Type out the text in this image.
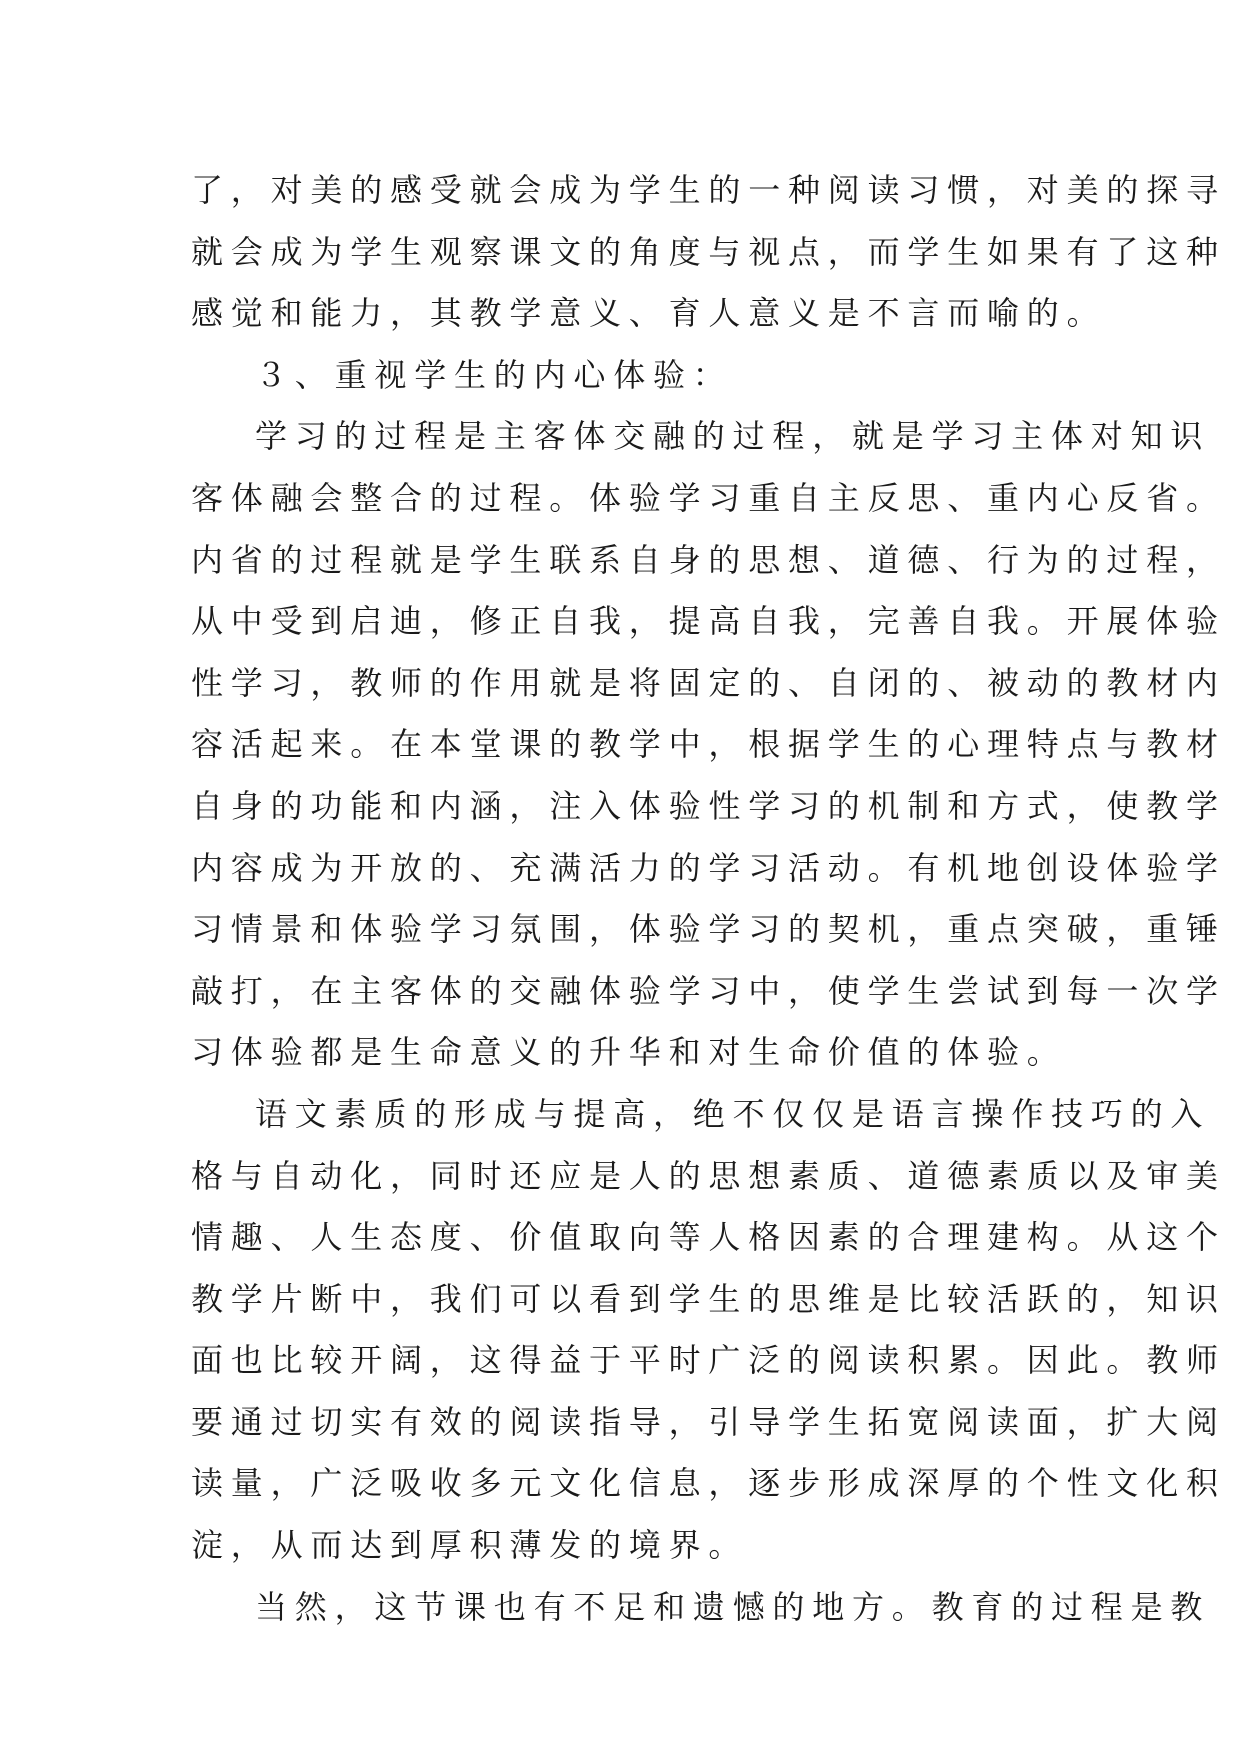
了，对美的感受就会成为学生的一种阅读习惯，对美的探寻
就会成为学生观察课文的角度与视点，而学生如果有了这种
感觉和能力，其教学意义、育人意义是不言而喻的。
３、重视学生的内心体验：
学习的过程是主客体交融的过程，就是学习主体对知识
客体融会整合的过程。体验学习重自主反思、重内心反省。
内省的过程就是学生联系自身的思想、道德、行为的过程，
从中受到启迪，修正自我，提高自我，完善自我。开展体验
性学习，教师的作用就是将固定的、自闭的、被动的教材内
容活起来。在本堂课的教学中，根据学生的心理特点与教材
自身的功能和内涵，注入体验性学习的机制和方式，使教学
内容成为开放的、充满活力的学习活动。有机地创设体验学
习情景和体验学习氛围，体验学习的契机，重点突破，重锤
敲打，在主客体的交融体验学习中，使学生尝试到每一次学
习体验都是生命意义的升华和对生命价值的体验。
语文素质的形成与提高，绝不仅仅是语言操作技巧的入
格与自动化，同时还应是人的思想素质、道德素质以及审美
情趣、人生态度、价值取向等人格因素的合理建构。从这个
教学片断中，我们可以看到学生的思维是比较活跃的，知识
面也比较开阔，这得益于平时广泛的阅读积累。因此。教师
要通过切实有效的阅读指导，引导学生拓宽阅读面，扩大阅
读量，广泛吸收多元文化信息，逐步形成深厚的个性文化积
淀，从而达到厚积薄发的境界。
当然，这节课也有不足和遗憾的地方。教育的过程是教
